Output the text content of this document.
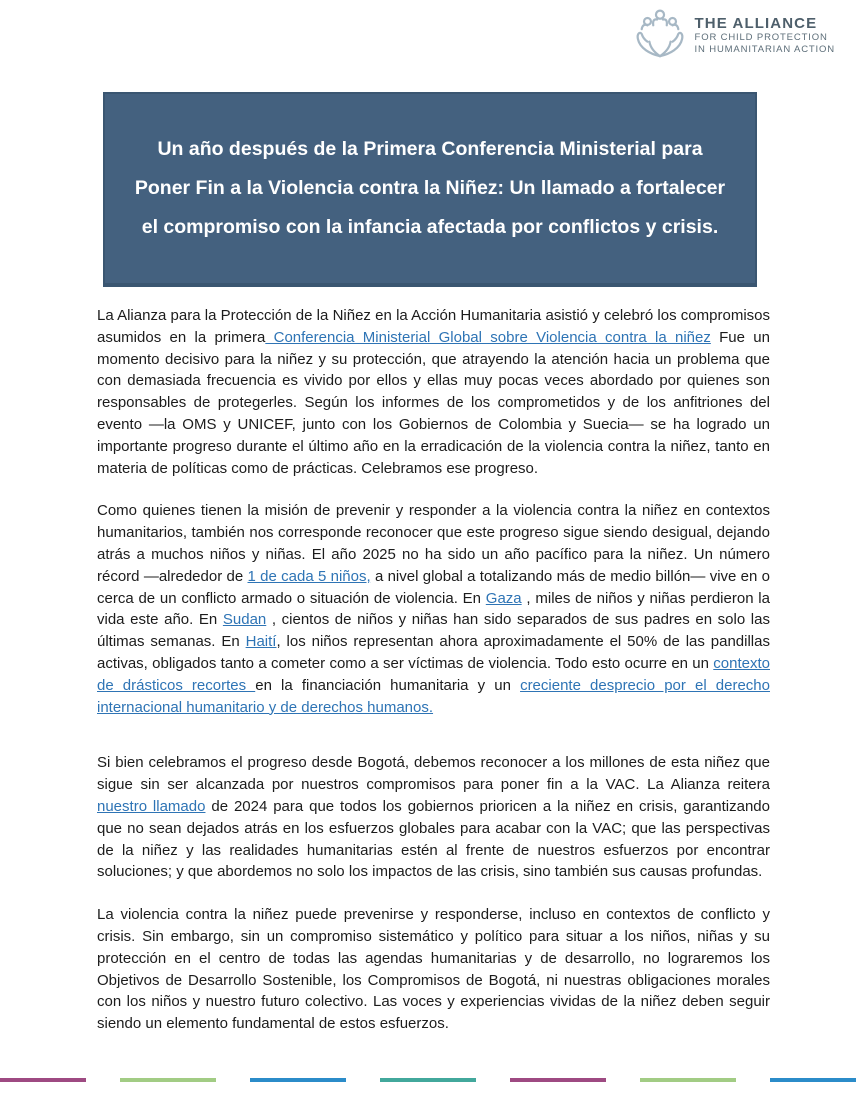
THE ALLIANCE
FOR CHILD PROTECTION
IN HUMANITARIAN ACTION
Un año después de la Primera Conferencia Ministerial para Poner Fin a la Violencia contra la Niñez: Un llamado a fortalecer el compromiso con la infancia afectada por conflictos y crisis.

La Alianza para la Protección de la Niñez en la Acción Humanitaria asistió y celebró los compromisos asumidos en la primera Conferencia Ministerial Global sobre Violencia contra la niñez Fue un momento decisivo para la niñez y su protección, que atrayendo la atención hacia un problema que con demasiada frecuencia es vivido por ellos y ellas muy pocas veces abordado por quienes son responsables de protegerles. Según los informes de los comprometidos y de los anfitriones del evento —la OMS y UNICEF, junto con los Gobiernos de Colombia y Suecia— se ha logrado un importante progreso durante el último año en la erradicación de la violencia contra la niñez, tanto en materia de políticas como de prácticas. Celebramos ese progreso.

Como quienes tienen la misión de prevenir y responder a la violencia contra la niñez en contextos humanitarios, también nos corresponde reconocer que este progreso sigue siendo desigual, dejando atrás a muchos niños y niñas. El año 2025 no ha sido un año pacífico para la niñez. Un número récord —alrededor de 1 de cada 5 niños, a nivel global a totalizando más de medio billón— vive en o cerca de un conflicto armado o situación de violencia. En Gaza , miles de niños y niñas perdieron la vida este año. En Sudan , cientos de niños y niñas han sido separados de sus padres en solo las últimas semanas. En Haití, los niños representan ahora aproximadamente el 50% de las pandillas activas, obligados tanto a cometer como a ser víctimas de violencia. Todo esto ocurre en un contexto de drásticos recortes en la financiación humanitaria y un creciente desprecio por el derecho internacional humanitario y de derechos humanos.

Si bien celebramos el progreso desde Bogotá, debemos reconocer a los millones de esta niñez que sigue sin ser alcanzada por nuestros compromisos para poner fin a la VAC. La Alianza reitera nuestro llamado de 2024 para que todos los gobiernos prioricen a la niñez en crisis, garantizando que no sean dejados atrás en los esfuerzos globales para acabar con la VAC; que las perspectivas de la niñez y las realidades humanitarias estén al frente de nuestros esfuerzos por encontrar soluciones; y que abordemos no solo los impactos de las crisis, sino también sus causas profundas.

La violencia contra la niñez puede prevenirse y responderse, incluso en contextos de conflicto y crisis. Sin embargo, sin un compromiso sistemático y político para situar a los niños, niñas y su protección en el centro de todas las agendas humanitarias y de desarrollo, no lograremos los Objetivos de Desarrollo Sostenible, los Compromisos de Bogotá, ni nuestras obligaciones morales con los niños y nuestro futuro colectivo. Las voces y experiencias vividas de la niñez deben seguir siendo un elemento fundamental de estos esfuerzos.
